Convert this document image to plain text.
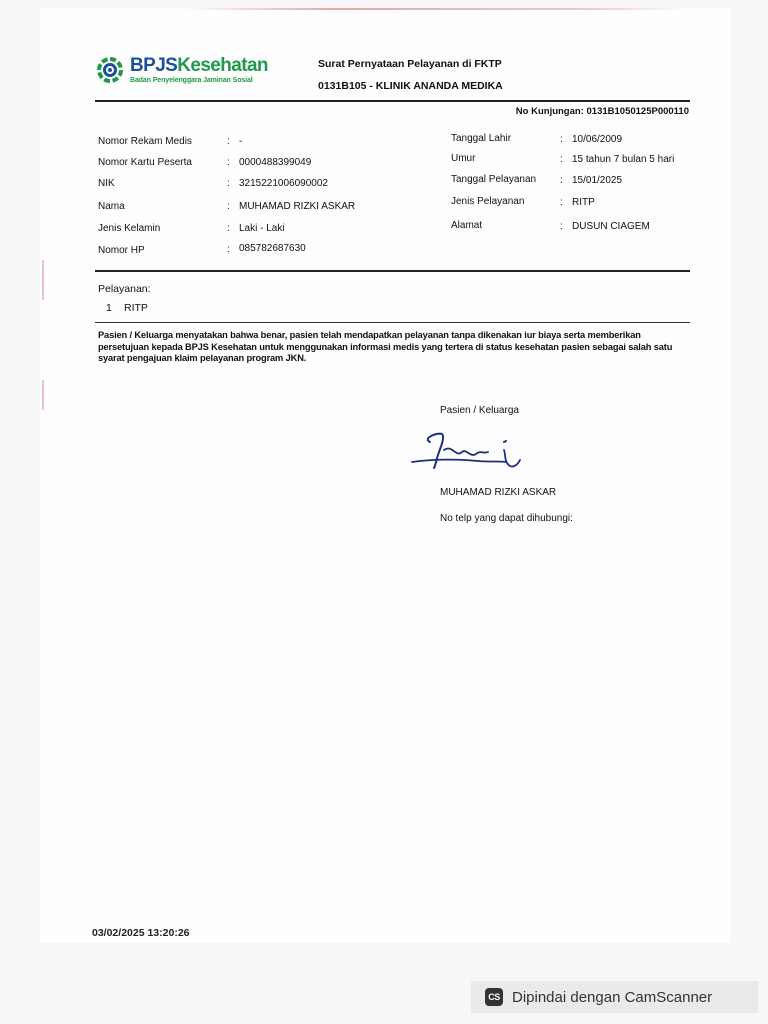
BPJSKesehatan
Badan Penyelenggara Jaminan Sosial
Surat Pernyataan Pelayanan di FKTP
0131B105 - KLINIK ANANDA MEDIKA
No Kunjungan: 0131B1050125P000110
Nomor Rekam Medis	: -
Nomor Kartu Peserta	: 0000488399049
NIK	: 3215221006090002
Nama	: MUHAMAD RIZKI ASKAR
Jenis Kelamin	: Laki - Laki
Nomor HP	: 085782687630
Tanggal Lahir	: 10/06/2009
Umur	: 15 tahun 7 bulan 5 hari
Tanggal Pelayanan : 15/01/2025
Jenis Pelayanan	: RITP
Alamat	: DUSUN CIAGEM
Pelayanan:
1 RITP
Pasien / Keluarga menyatakan bahwa benar, pasien telah mendapatkan pelayanan tanpa dikenakan iur biaya serta memberikan persetujuan kepada BPJS Kesehatan untuk menggunakan informasi medis yang tertera di status kesehatan pasien sebagai salah satu syarat pengajuan klaim pelayanan program JKN.
Pasien / Keluarga
MUHAMAD RIZKI ASKAR
No telp yang dapat dihubungi:
03/02/2025 13:20:26
CS Dipindai dengan CamScanner
